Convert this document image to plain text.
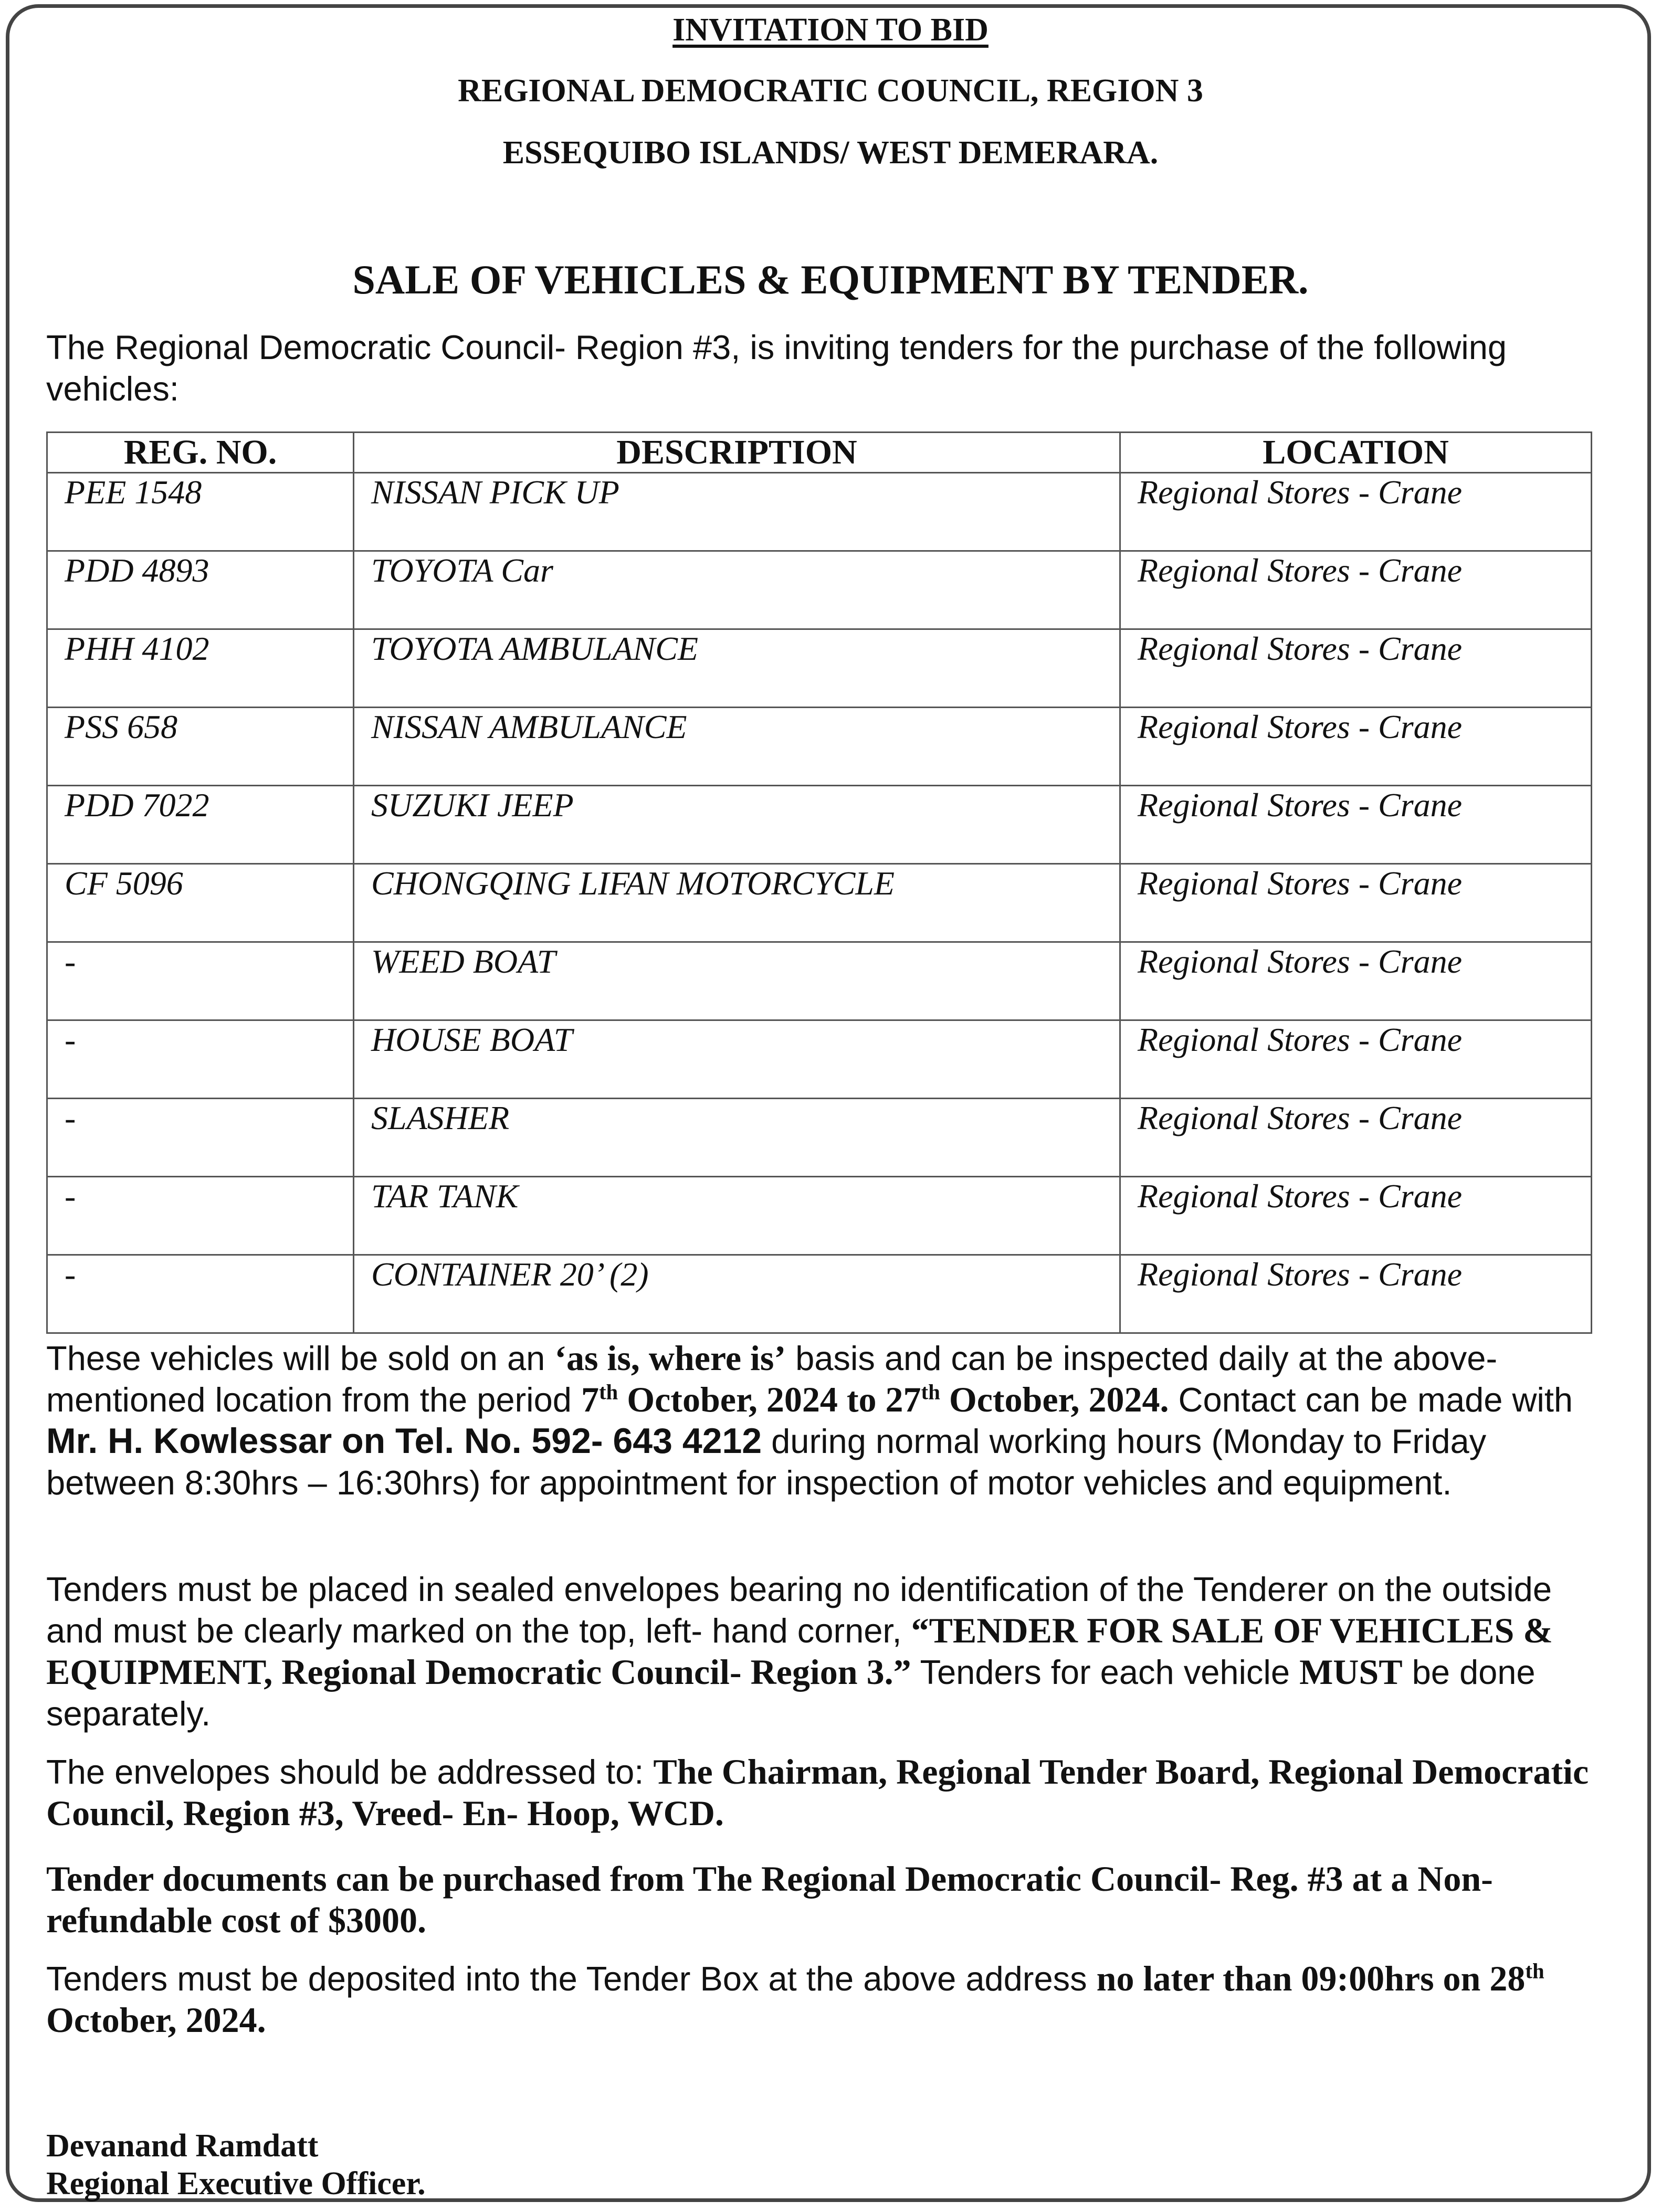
INVITATION TO BID
REGIONAL DEMOCRATIC COUNCIL, REGION 3
ESSEQUIBO ISLANDS/ WEST DEMERARA.
SALE OF VEHICLES & EQUIPMENT BY TENDER.

The Regional Democratic Council- Region #3, is inviting tenders for the purchase of the following vehicles:

REG. NO.	DESCRIPTION	LOCATION
PEE 1548	NISSAN PICK UP	Regional Stores - Crane
PDD 4893	TOYOTA Car	Regional Stores - Crane
PHH 4102	TOYOTA AMBULANCE	Regional Stores - Crane
PSS 658	NISSAN AMBULANCE	Regional Stores - Crane
PDD 7022	SUZUKI JEEP	Regional Stores - Crane
CF 5096	CHONGQING LIFAN MOTORCYCLE	Regional Stores - Crane
-	WEED BOAT	Regional Stores - Crane
-	HOUSE BOAT	Regional Stores - Crane
-	SLASHER	Regional Stores - Crane
-	TAR TANK	Regional Stores - Crane
-	CONTAINER 20’ (2)	Regional Stores - Crane

These vehicles will be sold on an ‘as is, where is’ basis and can be inspected daily at the above- mentioned location from the period 7th October, 2024 to 27th October, 2024. Contact can be made with Mr. H. Kowlessar on Tel. No. 592- 643 4212 during normal working hours (Monday to Friday between 8:30hrs – 16:30hrs) for appointment for inspection of motor vehicles and equipment.

Tenders must be placed in sealed envelopes bearing no identification of the Tenderer on the outside and must be clearly marked on the top, left- hand corner, “TENDER FOR SALE OF VEHICLES & EQUIPMENT, Regional Democratic Council- Region 3.” Tenders for each vehicle MUST be done separately.

The envelopes should be addressed to: The Chairman, Regional Tender Board, Regional Democratic Council, Region #3, Vreed- En- Hoop, WCD.

Tender documents can be purchased from The Regional Democratic Council- Reg. #3 at a Non- refundable cost of $3000.

Tenders must be deposited into the Tender Box at the above address no later than 09:00hrs on 28th October, 2024.

Devanand Ramdatt
Regional Executive Officer.
